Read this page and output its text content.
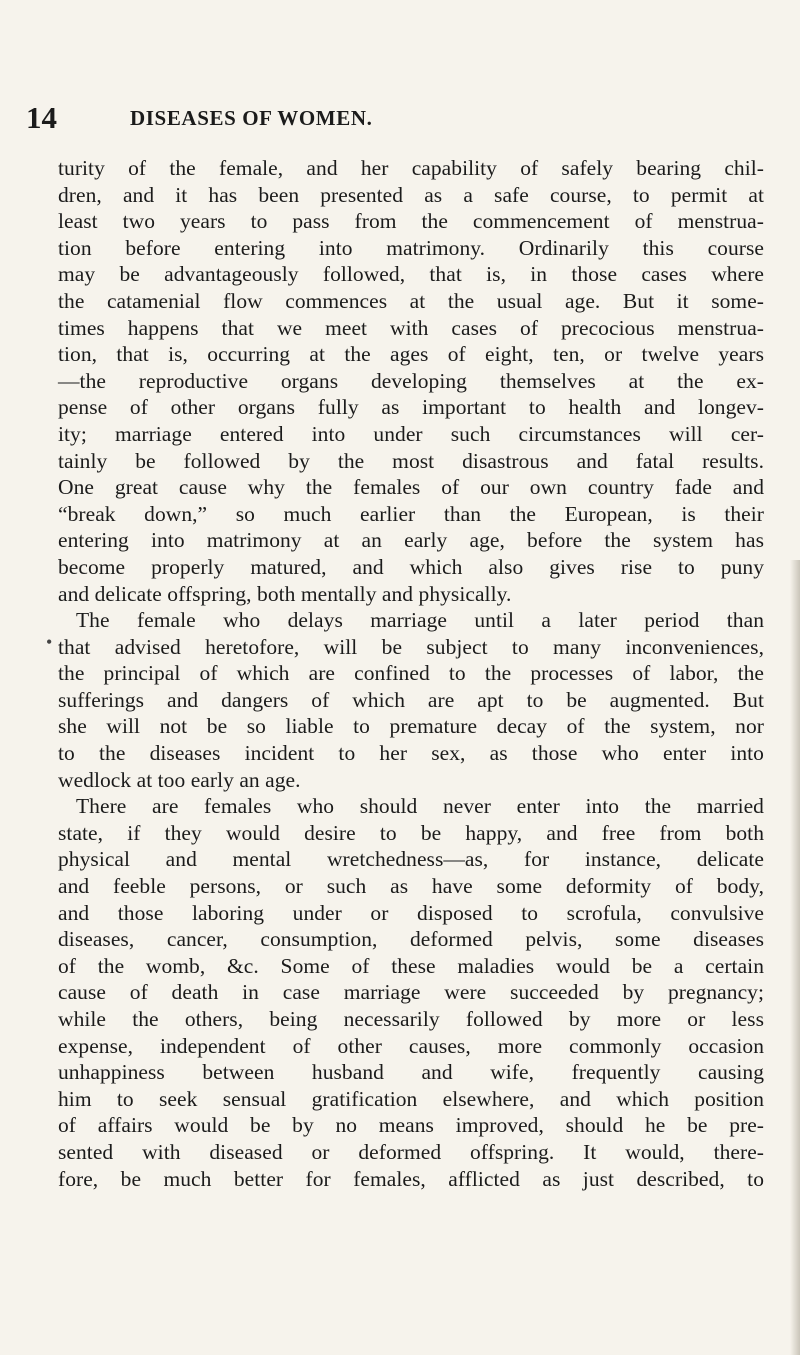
14	DISEASES OF WOMEN.
turity of the female, and her capability of safely bearing chil-
dren, and it has been presented as a safe course, to permit at
least two years to pass from the commencement of menstrua-
tion before entering into matrimony. Ordinarily this course
may be advantageously followed, that is, in those cases where
the catamenial flow commences at the usual age. But it some-
times happens that we meet with cases of precocious menstrua-
tion, that is, occurring at the ages of eight, ten, or twelve years
—the reproductive organs developing themselves at the ex-
pense of other organs fully as important to health and longev-
ity; marriage entered into under such circumstances will cer-
tainly be followed by the most disastrous and fatal results.
One great cause why the females of our own country fade and
“break down,” so much earlier than the European, is their
entering into matrimony at an early age, before the system has
become properly matured, and which also gives rise to puny
and delicate offspring, both mentally and physically.
The female who delays marriage until a later period than
that advised heretofore, will be subject to many inconveniences,
the principal of which are confined to the processes of labor, the
sufferings and dangers of which are apt to be augmented. But
she will not be so liable to premature decay of the system, nor
to the diseases incident to her sex, as those who enter into
wedlock at too early an age.
There are females who should never enter into the married
state, if they would desire to be happy, and free from both
physical and mental wretchedness—as, for instance, delicate
and feeble persons, or such as have some deformity of body,
and those laboring under or disposed to scrofula, convulsive
diseases, cancer, consumption, deformed pelvis, some diseases
of the womb, &c. Some of these maladies would be a certain
cause of death in case marriage were succeeded by pregnancy;
while the others, being necessarily followed by more or less
expense, independent of other causes, more commonly occasion
unhappiness between husband and wife, frequently causing
him to seek sensual gratification elsewhere, and which position
of affairs would be by no means improved, should he be pre-
sented with diseased or deformed offspring. It would, there-
fore, be much better for females, afflicted as just described, to
•
